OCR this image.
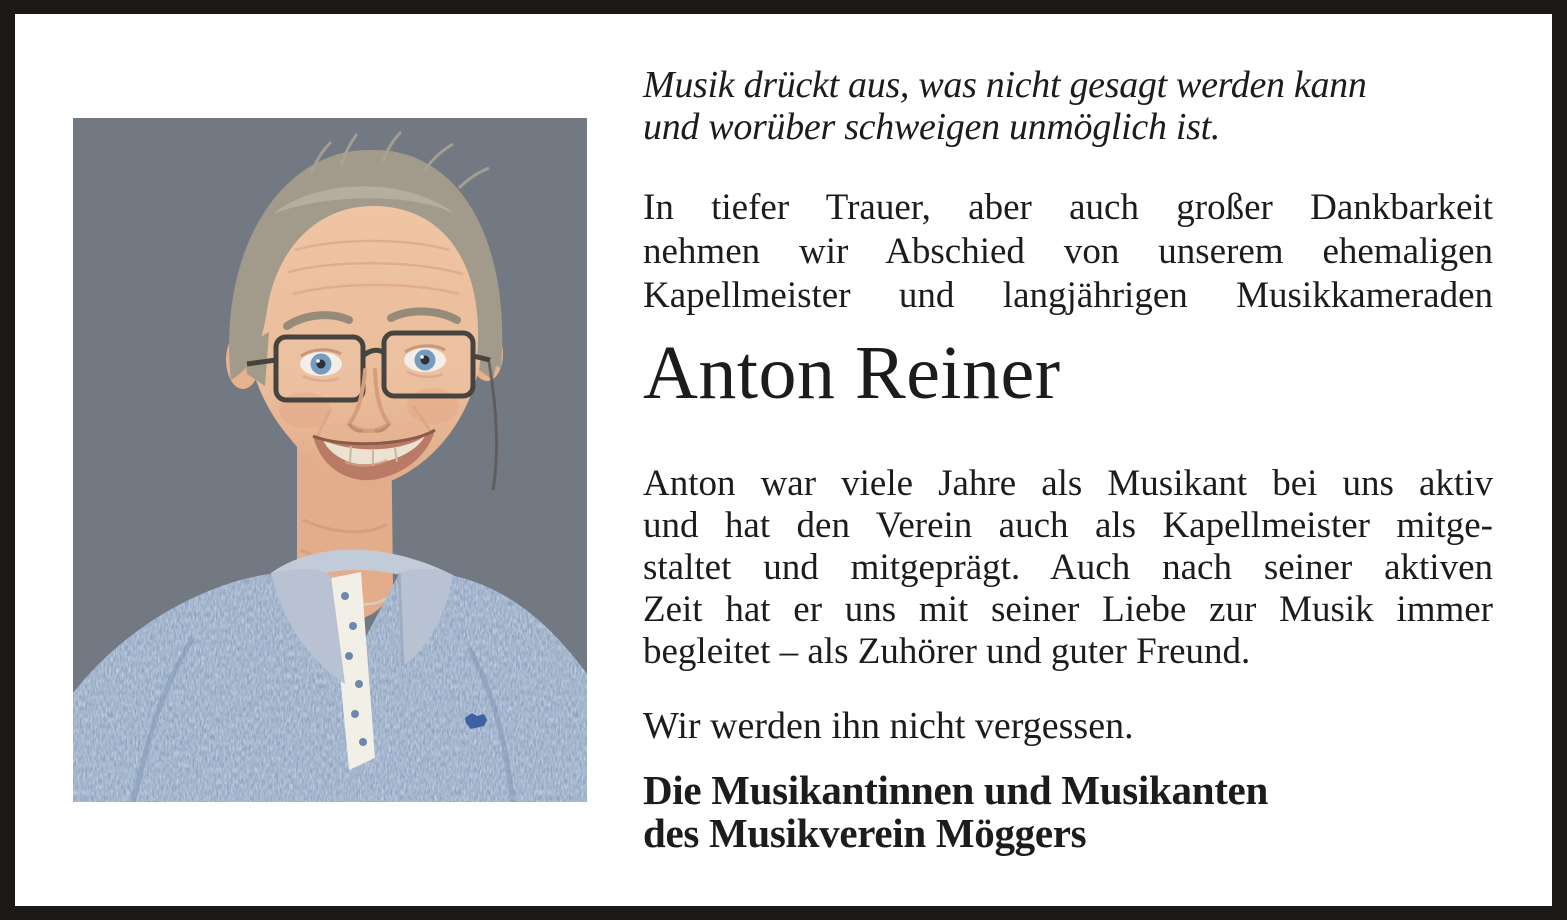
Musik drückt aus, was nicht gesagt werden kann
und worüber schweigen unmöglich ist.
In tiefer Trauer, aber auch großer Dankbarkeit
nehmen wir Abschied von unserem ehemaligen
Kapellmeister und langjährigen Musikkameraden
Anton Reiner
Anton war viele Jahre als Musikant bei uns aktiv
und hat den Verein auch als Kapellmeister mitge-
staltet und mitgeprägt. Auch nach seiner aktiven
Zeit hat er uns mit seiner Liebe zur Musik immer
begleitet – als Zuhörer und guter Freund.
Wir werden ihn nicht vergessen.
Die Musikantinnen und Musikanten
des Musikverein Möggers
